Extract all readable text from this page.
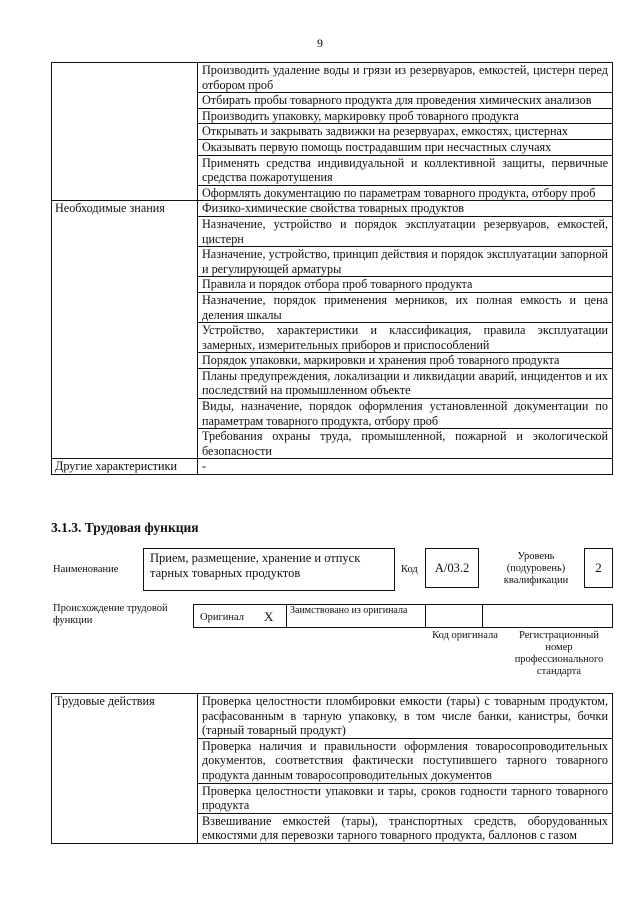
9
	Производить удаление воды и грязи из резервуаров, емкостей, цистерн перед отбором проб
	Отбирать пробы товарного продукта для проведения химических анализов
	Производить упаковку, маркировку проб товарного продукта
	Открывать и закрывать задвижки на резервуарах, емкостях, цистернах
	Оказывать первую помощь пострадавшим при несчастных случаях
	Применять средства индивидуальной и коллективной защиты, первичные средства пожаротушения
	Оформлять документацию по параметрам товарного продукта, отбору проб
Необходимые знания	Физико-химические свойства товарных продуктов
	Назначение, устройство и порядок эксплуатации резервуаров, емкостей, цистерн
	Назначение, устройство, принцип действия и порядок эксплуатации запорной и регулирующей арматуры
	Правила и порядок отбора проб товарного продукта
	Назначение, порядок применения мерников, их полная емкость и цена деления шкалы
	Устройство, характеристики и классификация, правила эксплуатации замерных, измерительных приборов и приспособлений
	Порядок упаковки, маркировки и хранения проб товарного продукта
	Планы предупреждения, локализации и ликвидации аварий, инцидентов и их последствий на промышленном объекте
	Виды, назначение, порядок оформления установленной документации по параметрам товарного продукта, отбору проб
	Требования охраны труда, промышленной, пожарной и экологической безопасности
Другие характеристики	-
3.1.3. Трудовая функция
Наименование
Прием, размещение, хранение и отпуск тарных товарных продуктов	Код	A/03.2
Уровень (подуровень) квалификации
2
Происхождение трудовой функции	Оригинал X Заимствовано из оригинала
Код оригинала	Регистрационный номер профессионального стандарта
Трудовые действия	Проверка целостности пломбировки емкости (тары) с товарным продуктом, расфасованным в тарную упаковку, в том числе банки, канистры, бочки (тарный товарный продукт)
Проверка наличия и правильности оформления товаросопроводительных документов, соответствия фактически поступившего тарного товарного продукта данным товаросопроводительных документов
Проверка целостности упаковки и тары, сроков годности тарного товарного продукта
Взвешивание емкостей (тары), транспортных средств, оборудованных емкостями для перевозки тарного товарного продукта, баллонов с газом
